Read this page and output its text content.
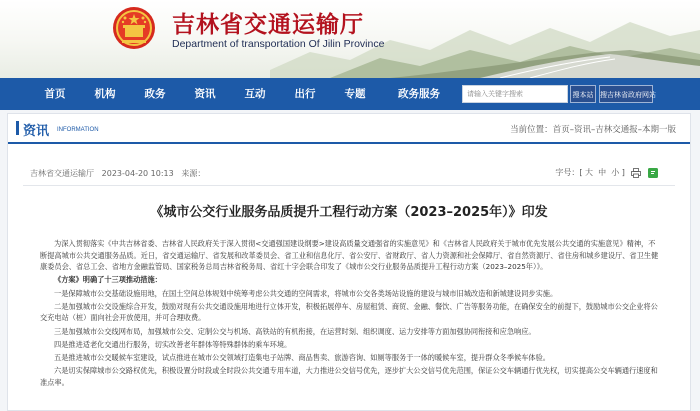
吉林省交通运输厅
Department of transportation Of Jilin Province
首页	机构	政务	资讯	互动	出行	专题	政务服务	请输入关键字搜索	搜本站 搜吉林省政府网站
资讯 INFORMATION	当前位置：首页–资讯–吉林交通报–本期一版
吉林省交通运输厅 2023-04-20 10:13 来源：	字号：[ 大 中 小 ]
《城市公交行业服务品质提升工程行动方案（2023–2025年）》印发

为深入贯彻落实《中共吉林省委、吉林省人民政府关于深入贯彻<交通强国建设纲要>建设高质量交通强省的实施意见》和《吉林省人民政府关于城市优先发展公共交通的实施意见》精神，不断提高城市公共交通服务品质。近日，省交通运输厅、省发展和改革委员会、省工业和信息化厅、省公安厅、省财政厅、省人力资源和社会保障厅、省自然资源厅、省住房和城乡建设厅、省卫生健康委员会、省总工会、省地方金融监管局、国家税务总局吉林省税务局、省红十字会联合印发了《城市公交行业服务品质提升工程行动方案（2023–2025年）》。

《方案》明确了十三项推动措施：

一是保障城市公交基础设施用地，在国土空间总体规划中统筹考虑公共交通的空间需求，将城市公交各类场站设施的建设与城市旧城改造和新城建设同步实施。

二是加强城市公交设施综合开发，鼓励对现有公共交通设施用地进行立体开发，积极拓展停车、房屋租赁、商贸、金融、餐饮、广告等服务功能，在确保安全的前提下，鼓励城市公交企业将公交充电站（桩）面向社会开放使用，并可合理收费。

三是加强城市公交线网布局，加强城市公交、定制公交与机场、高铁站的有机衔接，在运营时刻、组织调度、运力安排等方面加强协同衔接和应急响应。

四是推进适老化交通出行服务，切实改善老年群体等特殊群体的乘车环境。

五是推进城市公交暖候车室建设，试点推进在城市公交领域打造集电子站牌、商品售卖、旅游咨询、如厕等服务于一体的暖候车室，提升群众冬季候车体验。

六是切实保障城市公交路权优先，积极设置分时段或全时段公共交通专用车道，大力推进公交信号优先，逐步扩大公交信号优先范围，保证公交车辆通行优先权，切实提高公交车辆通行速度和准点率。
